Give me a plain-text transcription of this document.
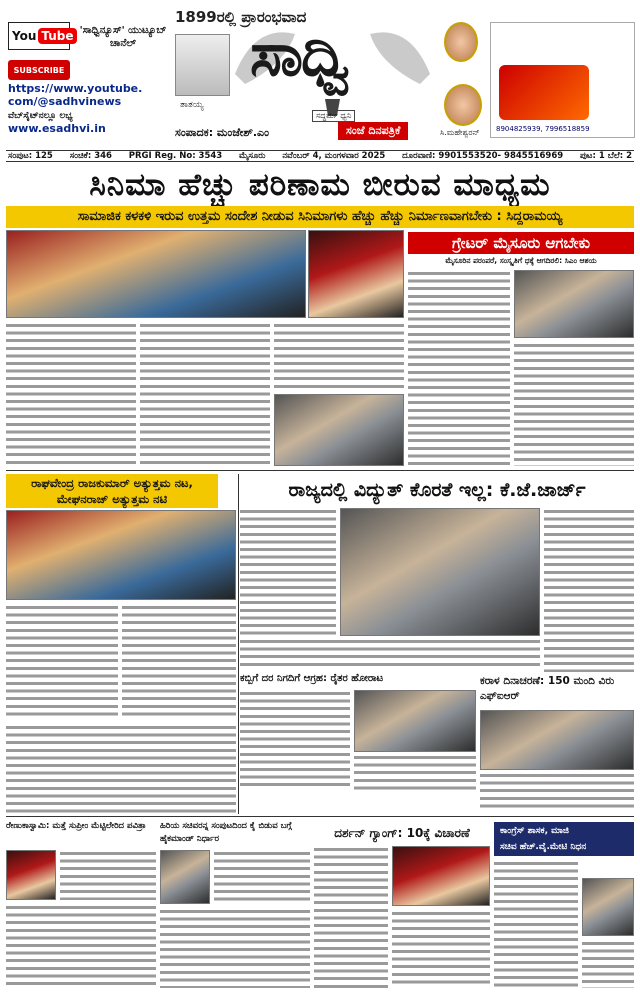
You Tube
SUBSCRIBE
'ಸಾಧ್ವಿನ್ಯೂಸ್' ಯುಟ್ಯೂಬ್ ಚಾನೆಲ್
https://www.youtube.
com/@sadhvinews
ವೆಬ್‌ಸೈಟ್‌ನಲ್ಲೂ ಲಭ್ಯ
www.esadhvi.in
1899ರಲ್ಲಿ ಪ್ರಾರಂಭವಾದ
ತಾತಯ್ಯ
ಸಾಧ್ವಿ
ಸದ್ಧರ್ಮ ಧ್ವನಿ
ಸಂಪಾದಕ: ಮಂಜೇಶ್.ಎಂ	ಸಂಜೆ ದಿನಪತ್ರಿಕೆ	ಸಿ.ಮಹೇಶ್ವರನ್ 8904825939, 7996518859
ಸಂಪುಟ: 125 ಸಂಚಿಕೆ: 346 PRGI Reg. No: 3543 ಮೈಸೂರು ನವೆಂಬರ್ 4, ಮಂಗಳವಾರ 2025 ದೂರವಾಣಿ: 9901553520- 9845516969 ಪುಟ: 1 ಬೆಲೆ: 2
ಸಿನಿಮಾ ಹೆಚ್ಚು ಪರಿಣಾಮ ಬೀರುವ ಮಾಧ್ಯಮ
ಸಾಮಾಜಿಕ ಕಳಕಳಿ ಇರುವ ಉತ್ತಮ ಸಂದೇಶ ನೀಡುವ ಸಿನಿಮಾಗಳು ಹೆಚ್ಚು ಹೆಚ್ಚು ನಿರ್ಮಾಣವಾಗಬೇಕು : ಸಿದ್ದರಾಮಯ್ಯ
ಗ್ರೇಟರ್ ಮೈಸೂರು ಆಗಬೇಕು
ಮೈಸೂರಿನ ಪರಂಪರೆ, ಸಂಸ್ಕೃತಿಗೆ ಧಕ್ಕೆ ಆಗದಿರಲಿ: ಸಿಎಂ ಆಶಯ
ರಾಘವೇಂದ್ರ ರಾಜಕುಮಾರ್ ಅತ್ಯುತ್ತಮ ನಟ,
ಮೇಘನರಾಜ್ ಅತ್ಯುತ್ತಮ ನಟಿ	ರಾಜ್ಯದಲ್ಲಿ ವಿದ್ಯುತ್ ಕೊರತೆ ಇಲ್ಲ: ಕೆ.ಜೆ.ಜಾರ್ಜ್
ಕಬ್ಬಿಗೆ ದರ ನಿಗದಿಗೆ ಆಗ್ರಹ: ರೈತರ ಹೋರಾಟ	ಕರಾಳ ದಿನಾಚರಣೆ: 150 ಮಂದಿ ವಿರು ಎಫ್‌ಐಆರ್
ರೇಣುಕಾಸ್ವಾಮಿ: ಮತ್ತೆ ಸುಪ್ರೀಂ ಮೆಟ್ಟಿಲೇರಿದ ಪವಿತ್ರಾ	ಹಿರಿಯ ಸಚಿವರನ್ನ ಸಂಪುಟದಿಂದ ಕೈ ಬಿಡುವ ಬಗ್ಗೆ ಹೈಕಮಾಂಡ್ ನಿರ್ಧಾರ	ದರ್ಶನ್ ಗ್ಯಾಂಗ್: 10ಕ್ಕೆ ವಿಚಾರಣೆ	ಕಾಂಗ್ರೆಸ್ ಶಾಸಕ, ಮಾಜಿ
ಸಚಿವ ಹೆಚ್.ವೈ.ಮೇಟಿ ನಿಧನ
